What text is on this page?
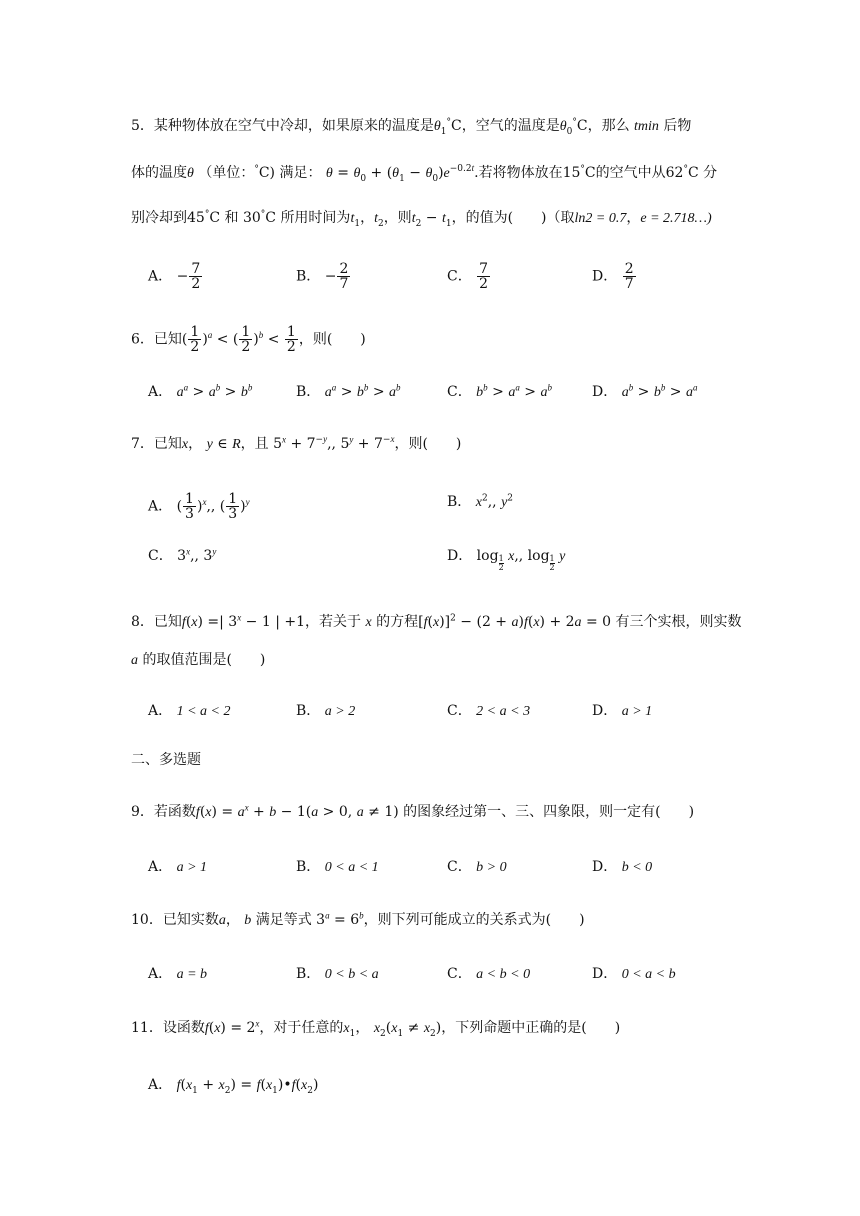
5．某种物体放在空气中冷却，如果原来的温度是$\theta_1^\circ C$，空气的温度是$\theta_0^\circ C$，那么 tmin 后物
体的温度θ （单位：°C) 满足： $\theta = \theta_0 + (\theta_1 - \theta_0)e^{-0.2t}$.若将物体放在15°C的空气中从62°C 分
别冷却到45°C 和 30°C 所用时间为$t_1$，$t_2$，则$t_2 - t_1$，的值为(　　)（取ln2 = 0.7，e = 2.718…)
A． − $\frac{7}{2}$	B． − $\frac{2}{7}$	C． $\frac{7}{2}$	D． $\frac{2}{7}$
6．已知( $\frac{1}{2} )^a$ < ( $\frac{1}{2} )^b < \frac{1}{2}$ ，则(　　)
A． $a^a > a^b > b^b$	B． $a^a > b^b > a^b$	C． $b^b > a^a > a^b$	D． $a^b > b^b > a^a$
7．已知x， y ∈ R，且 $5^x + 7^{-y}$,, $5^y + 7^{-x}$，则(　　)
A． ( $\frac{1}{3} )^x$,, ( $\frac{1}{3} )^y$	B． $x^2$,, $y^2$
C． 3$^x$,, 3$^y$	D． $\log \frac{1}{2} x$,, $\log \frac{1}{2}$ y
8．已知f(x) =| $3^x - 1$ | +1，若关于 x 的方程$[f(x)]^2 - (2 + a)f(x) + 2a = 0$ 有三个实根，则实数
a 的取值范围是(　　)
A． 1 < a < 2	B． a > 2	C． 2 < a < 3	D． a > 1
二、多选题
9．若函数$f(x) = a^x + b - 1(a > 0$, a ≠ 1) 的图象经过第一、三、四象限，则一定有(　　)
A． a > 1	B． 0 < a < 1	C． b > 0	D． b < 0
10．已知实数a， b 满足等式 $3^a = 6^b$，则下列可能成立的关系式为(　　)
A． a = b	B． 0 < b < a	C． a < b < 0	D． 0 < a < b
11．设函数$f(x) = 2^x$，对于任意的$x_1$， $x_2(x_1 \ne x_2)$，下列命题中正确的是(　　)
A． $f(x_1 + x_2)$ = $f(x_1)•f(x_2)$
